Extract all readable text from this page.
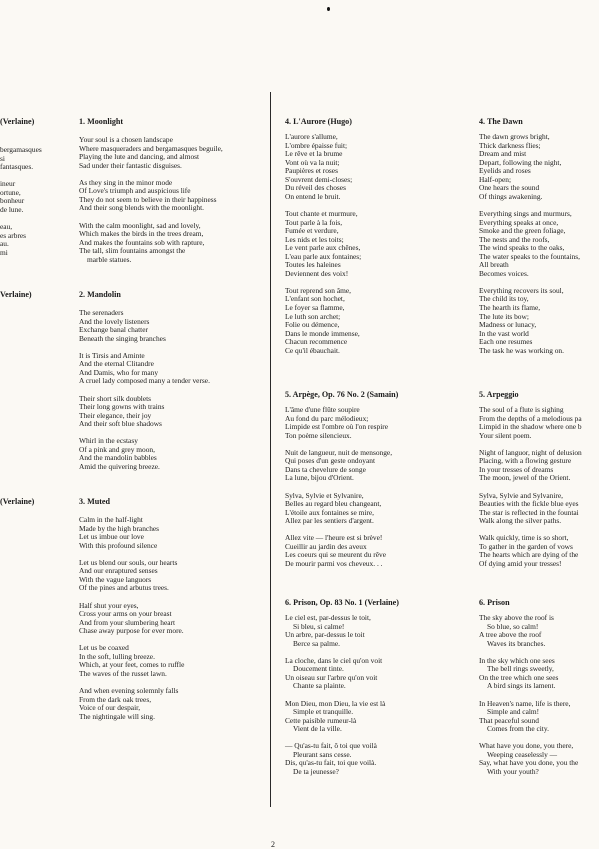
(Verlaine)
Verlaine)
(Verlaine)
bergamasques
si
fantasques.
ineur
ortune,
bonheur
de lune.
eau,
es arbres
au.
mi
1. Moonlight
Your soul is a chosen landscape
Where masqueraders and bergamasques beguile,
Playing the lute and dancing, and almost
Sad under their fantastic disguises.
As they sing in the minor mode
Of Love's triumph and auspicious life
They do not seem to believe in their happiness
And their song blends with the moonlight.
With the calm moonlight, sad and lovely,
Which makes the birds in the trees dream,
And makes the fountains sob with rapture,
The tall, slim fountains amongst the
marble statues.
2. Mandolin
The serenaders
And the lovely listeners
Exchange banal chatter
Beneath the singing branches
It is Tirsis and Aminte
And the eternal Clitandre
And Damis, who for many
A cruel lady composed many a tender verse.
Their short silk doublets
Their long gowns with trains
Their elegance, their joy
And their soft blue shadows
Whirl in the ecstasy
Of a pink and grey moon,
And the mandolin babbles
Amid the quivering breeze.
3. Muted
Calm in the half-light
Made by the high branches
Let us imbue our love
With this profound silence
Let us blend our souls, our hearts
And our enraptured senses
With the vague languors
Of the pines and arbutus trees.
Half shut your eyes,
Cross your arms on your breast
And from your slumbering heart
Chase away purpose for ever more.
Let us be coaxed
In the soft, lulling breeze.
Which, at your feet, comes to ruffle
The waves of the russet lawn.
And when evening solemnly falls
From the dark oak trees,
Voice of our despair,
The nightingale will sing.
4. L'Aurore (Hugo)
L'aurore s'allume,
L'ombre épaisse fuit;
Le rêve et la brume
Vont où va la nuit;
Paupières et roses
S'ouvrent demi-closes;
Du réveil des choses
On entend le bruit.
Tout chante et murmure,
Tout parle à la fois,
Fumée et verdure,
Les nids et les toits;
Le vent parle aux chênes,
L'eau parle aux fontaines;
Toutes les haleines
Deviennent des voix!
Tout reprend son âme,
L'enfant son hochet,
Le foyer sa flamme,
Le luth son archet;
Folie ou démence,
Dans le monde immense,
Chacun recommence
Ce qu'il ébauchait.
5. Arpège, Op. 76 No. 2 (Samain)
L'âme d'une flûte soupire
Au fond du parc mélodieux;
Limpide est l'ombre où l'on respire
Ton poème silencieux.
Nuit de langueur, nuit de mensonge,
Qui poses d'un geste ondoyant
Dans ta chevelure de songe
La lune, bijou d'Orient.
Sylva, Sylvie et Sylvanire,
Belles au regard bleu changeant,
L'étoile aux fontaines se mire,
Allez par les sentiers d'argent.
Allez vite — l'heure est si brève!
Cueillir au jardin des aveux
Les coeurs qui se meurent du rêve
De mourir parmi vos cheveux. . .
6. Prison, Op. 83 No. 1 (Verlaine)
Le ciel est, par-dessus le toit,
Si bleu, si calme!
Un arbre, par-dessus le toit
Berce sa palme.
La cloche, dans le ciel qu'on voit
Doucement tinte.
Un oiseau sur l'arbre qu'on voit
Chante sa plainte.
Mon Dieu, mon Dieu, la vie est là
Simple et tranquille.
Cette paisible rumeur-là
Vient de la ville.
— Qu'as-tu fait, ô toi que voilà
Pleurant sans cesse.
Dis, qu'as-tu fait, toi que voilà.
De ta jeunesse?
4. The Dawn
The dawn grows bright,
Thick darkness flies;
Dream and mist
Depart, following the night,
Eyelids and roses
Half-open;
One hears the sound
Of things awakening.
Everything sings and murmurs,
Everything speaks at once,
Smoke and the green foliage,
The nests and the roofs,
The wind speaks to the oaks,
The water speaks to the fountains,
All breath
Becomes voices.
Everything recovers its soul,
The child its toy,
The hearth its flame,
The lute its bow;
Madness or lunacy,
In the vast world
Each one resumes
The task he was working on.
5. Arpeggio
The soul of a flute is sighing
From the depths of a melodious pa
Limpid in the shadow where one b
Your silent poem.
Night of languor, night of delusion
Placing, with a flowing gesture
In your tresses of dreams
The moon, jewel of the Orient.
Sylva, Sylvie and Sylvanire,
Beauties with the fickle blue eyes
The star is reflected in the fountai
Walk along the silver paths.
Walk quickly, time is so short,
To gather in the garden of vows
The hearts which are dying of the
Of dying amid your tresses!
6. Prison
The sky above the roof is
So blue, so calm!
A tree above the roof
Waves its branches.
In the sky which one sees
The bell rings sweetly,
On the tree which one sees
A bird sings its lament.
In Heaven's name, life is there,
Simple and calm!
That peaceful sound
Comes from the city.
What have you done, you there,
Weeping ceaselessly —
Say, what have you done, you the
With your youth?
2
